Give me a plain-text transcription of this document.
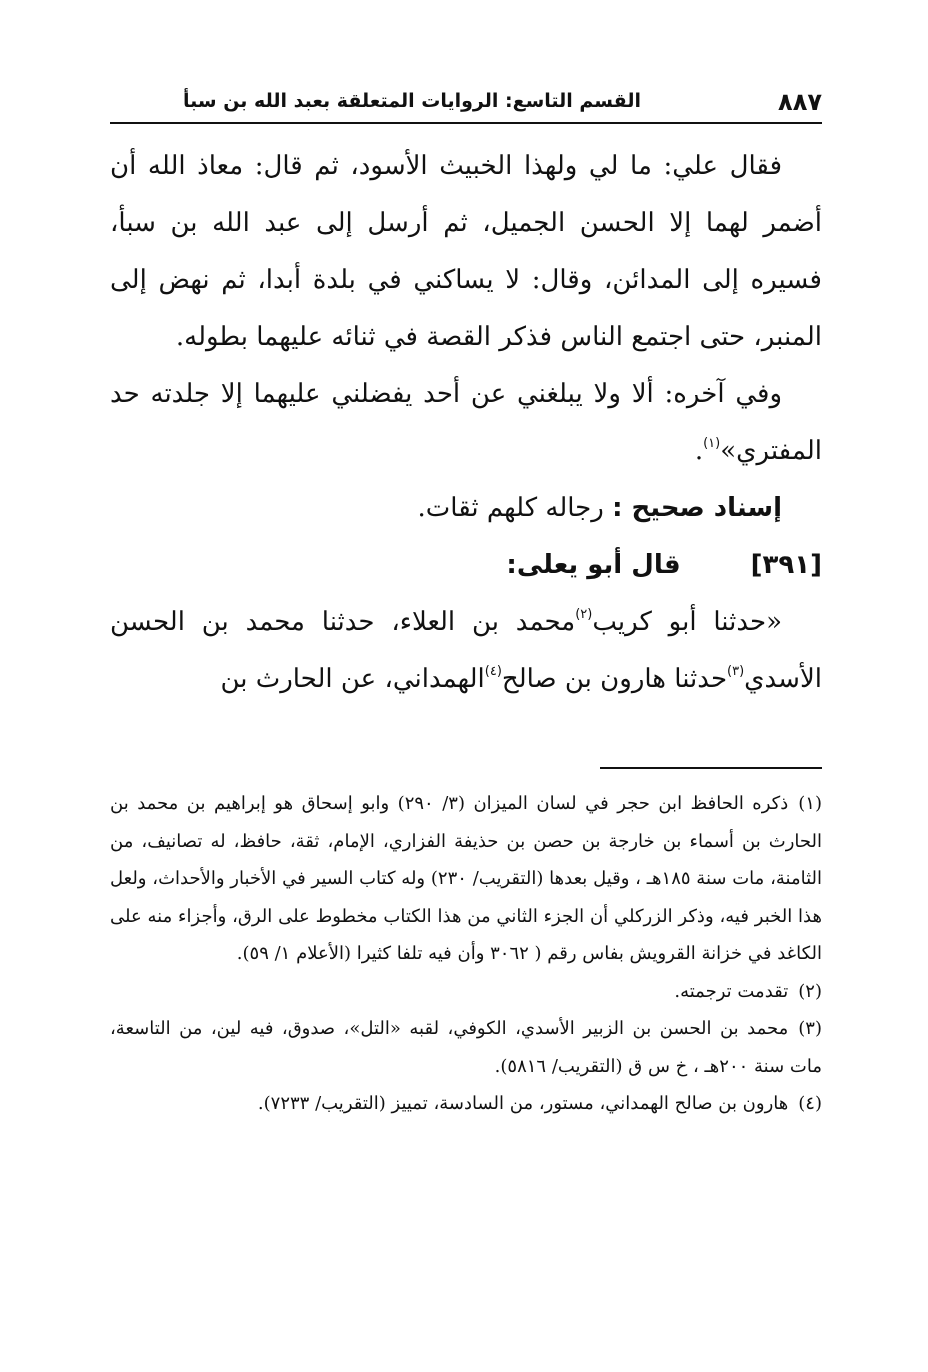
٨٨٧
القسم التاسع: الروايات المتعلقة بعبد الله بن سبأ

فقال علي: ما لي ولهذا الخبيث الأسود، ثم قال: معاذ الله أن أضمر لهما إلا الحسن الجميل، ثم أرسل إلى عبد الله بن سبأ، فسيره إلى المدائن، وقال: لا يساكني في بلدة أبدا، ثم نهض إلى المنبر، حتى اجتمع الناس فذكر القصة في ثنائه عليهما بطوله.

وفي آخره: ألا ولا يبلغني عن أحد يفضلني عليهما إلا جلدته حد المفتري»$^{(١)}$.

إسناد صحيح : رجاله كلهم ثقات.

[٣٩١]
قال أبو يعلى:

«حدثنا أبو كريب$^{(٢)}$محمد بن العلاء، حدثنا محمد بن الحسن الأسدي$^{(٣)}$حدثنا هارون بن صالح$^{(٤)}$الهمداني، عن الحارث بن

(١)ذكره الحافظ ابن حجر في لسان الميزان (٣/ ٢٩٠) وابو إسحاق هو إبراهيم بن محمد بن الحارث بن أسماء بن خارجة بن حصن بن حذيفة الفزاري، الإمام، ثقة، حافظ، له تصانيف، من الثامنة، مات سنة ١٨٥هـ ، وقيل بعدها (التقريب/ ٢٣٠) وله كتاب السير في الأخبار والأحداث، ولعل هذا الخبر فيه، وذكر الزركلي أن الجزء الثاني من هذا الكتاب مخطوط على الرق، وأجزاء منه على الكاغد في خزانة القرويش بفاس رقم ( ٣٠٦٢ وأن فيه تلفا كثيرا (الأعلام ١/ ٥٩).

(٢)تقدمت ترجمته.

(٣)محمد بن الحسن بن الزبير الأسدي، الكوفي، لقبه «التل»، صدوق، فيه لين، من التاسعة، مات سنة ٢٠٠هـ ، خ س ق (التقريب/ ٥٨١٦).

(٤)هارون بن صالح الهمداني، مستور، من السادسة، تمييز (التقريب/ ٧٢٣٣).
